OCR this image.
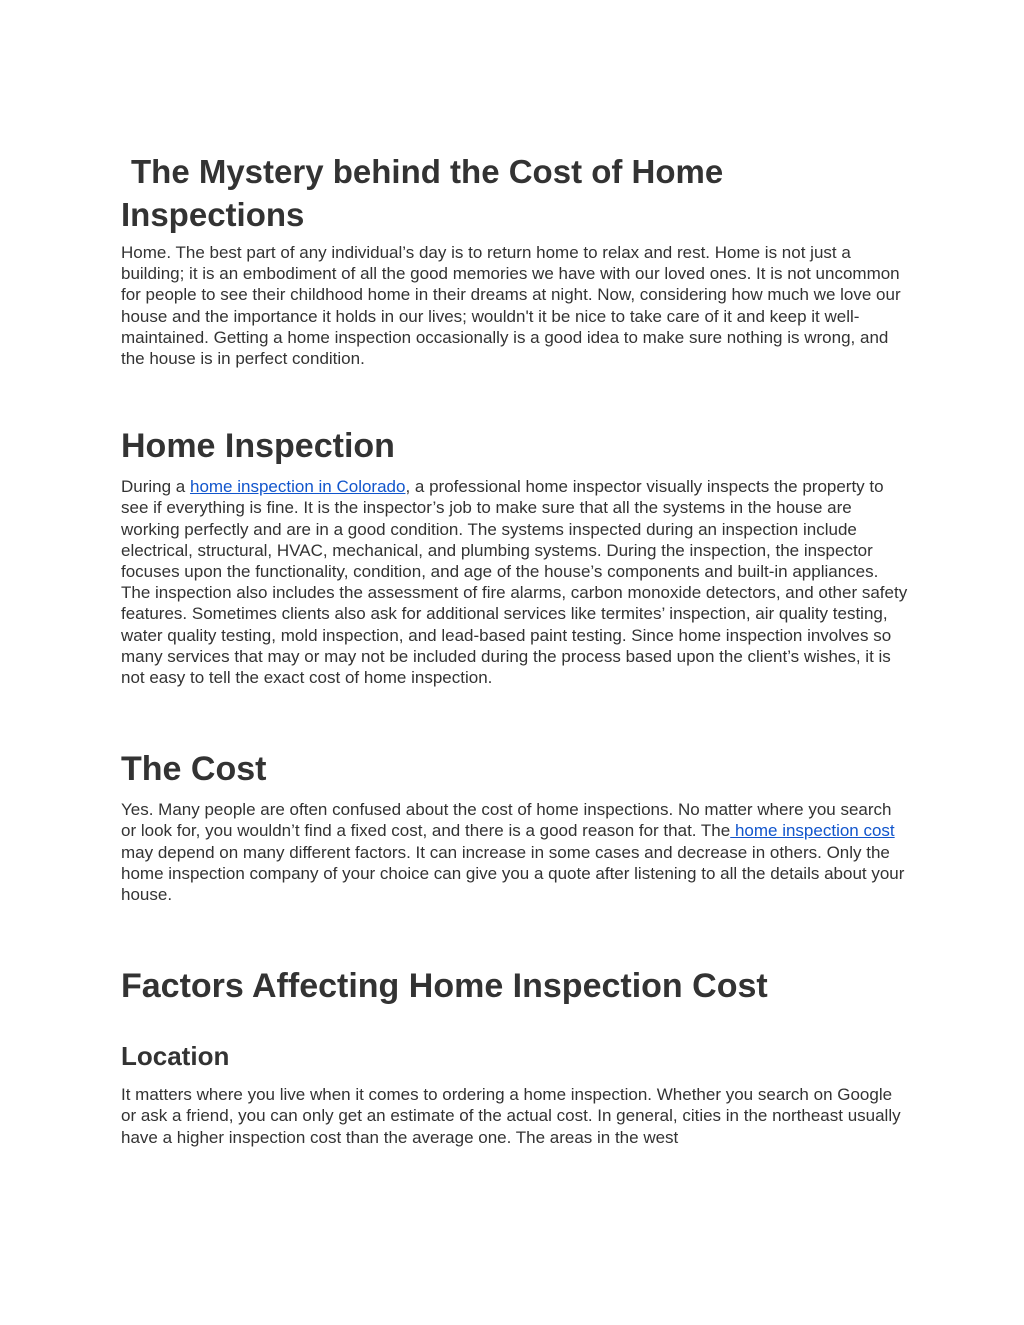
The Mystery behind the Cost of Home
Inspections

Home. The best part of any individual’s day is to return home to relax and rest. Home is not just a building; it is an embodiment of all the good memories we have with our loved ones. It is not uncommon for people to see their childhood home in their dreams at night. Now, considering how much we love our house and the importance it holds in our lives; wouldn't it be nice to take care of it and keep it well-maintained. Getting a home inspection occasionally is a good idea to make sure nothing is wrong, and the house is in perfect condition.

Home Inspection

During a home inspection in Colorado, a professional home inspector visually inspects the property to see if everything is fine. It is the inspector’s job to make sure that all the systems in the house are working perfectly and are in a good condition. The systems inspected during an inspection include electrical, structural, HVAC, mechanical, and plumbing systems. During the inspection, the inspector focuses upon the functionality, condition, and age of the house’s components and built-in appliances. The inspection also includes the assessment of fire alarms, carbon monoxide detectors, and other safety features. Sometimes clients also ask for additional services like termites’ inspection, air quality testing, water quality testing, mold inspection, and lead-based paint testing. Since home inspection involves so many services that may or may not be included during the process based upon the client’s wishes, it is not easy to tell the exact cost of home inspection.

The Cost

Yes. Many people are often confused about the cost of home inspections. No matter where you search or look for, you wouldn’t find a fixed cost, and there is a good reason for that. The home inspection cost may depend on many different factors. It can increase in some cases and decrease in others. Only the home inspection company of your choice can give you a quote after listening to all the details about your house.

Factors Affecting Home Inspection Cost
Location

It matters where you live when it comes to ordering a home inspection. Whether you search on Google or ask a friend, you can only get an estimate of the actual cost. In general, cities in the northeast usually have a higher inspection cost than the average one. The areas in the west
